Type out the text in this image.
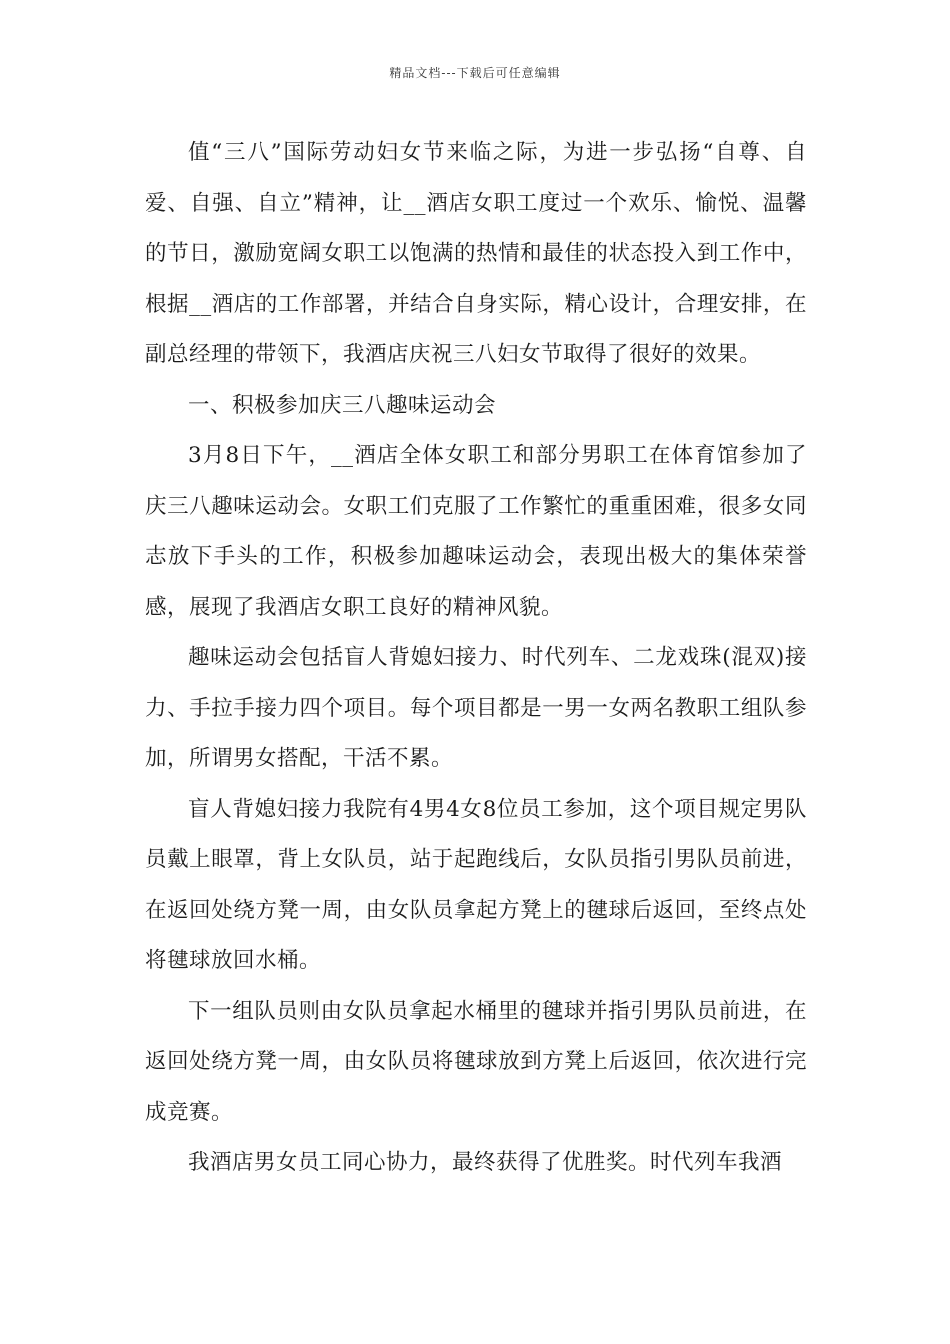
精品文档---下载后可任意编辑

值“三八”国际劳动妇女节来临之际，为进一步弘扬“自尊、自爱、自强、自立”精神，让__酒店女职工度过一个欢乐、愉悦、温馨的节日，激励宽阔女职工以饱满的热情和最佳的状态投入到工作中，根据__酒店的工作部署，并结合自身实际，精心设计，合理安排，在副总经理的带领下，我酒店庆祝三八妇女节取得了很好的效果。

一、积极参加庆三八趣味运动会

3月8日下午，__酒店全体女职工和部分男职工在体育馆参加了庆三八趣味运动会。女职工们克服了工作繁忙的重重困难，很多女同志放下手头的工作，积极参加趣味运动会，表现出极大的集体荣誉感，展现了我酒店女职工良好的精神风貌。

趣味运动会包括盲人背媳妇接力、时代列车、二龙戏珠(混双)接力、手拉手接力四个项目。每个项目都是一男一女两名教职工组队参加，所谓男女搭配，干活不累。

盲人背媳妇接力我院有4男4女8位员工参加，这个项目规定男队员戴上眼罩，背上女队员，站于起跑线后，女队员指引男队员前进，在返回处绕方凳一周，由女队员拿起方凳上的毽球后返回，至终点处将毽球放回水桶。

下一组队员则由女队员拿起水桶里的毽球并指引男队员前进，在返回处绕方凳一周，由女队员将毽球放到方凳上后返回，依次进行完成竞赛。

我酒店男女员工同心协力，最终获得了优胜奖。时代列车我酒
